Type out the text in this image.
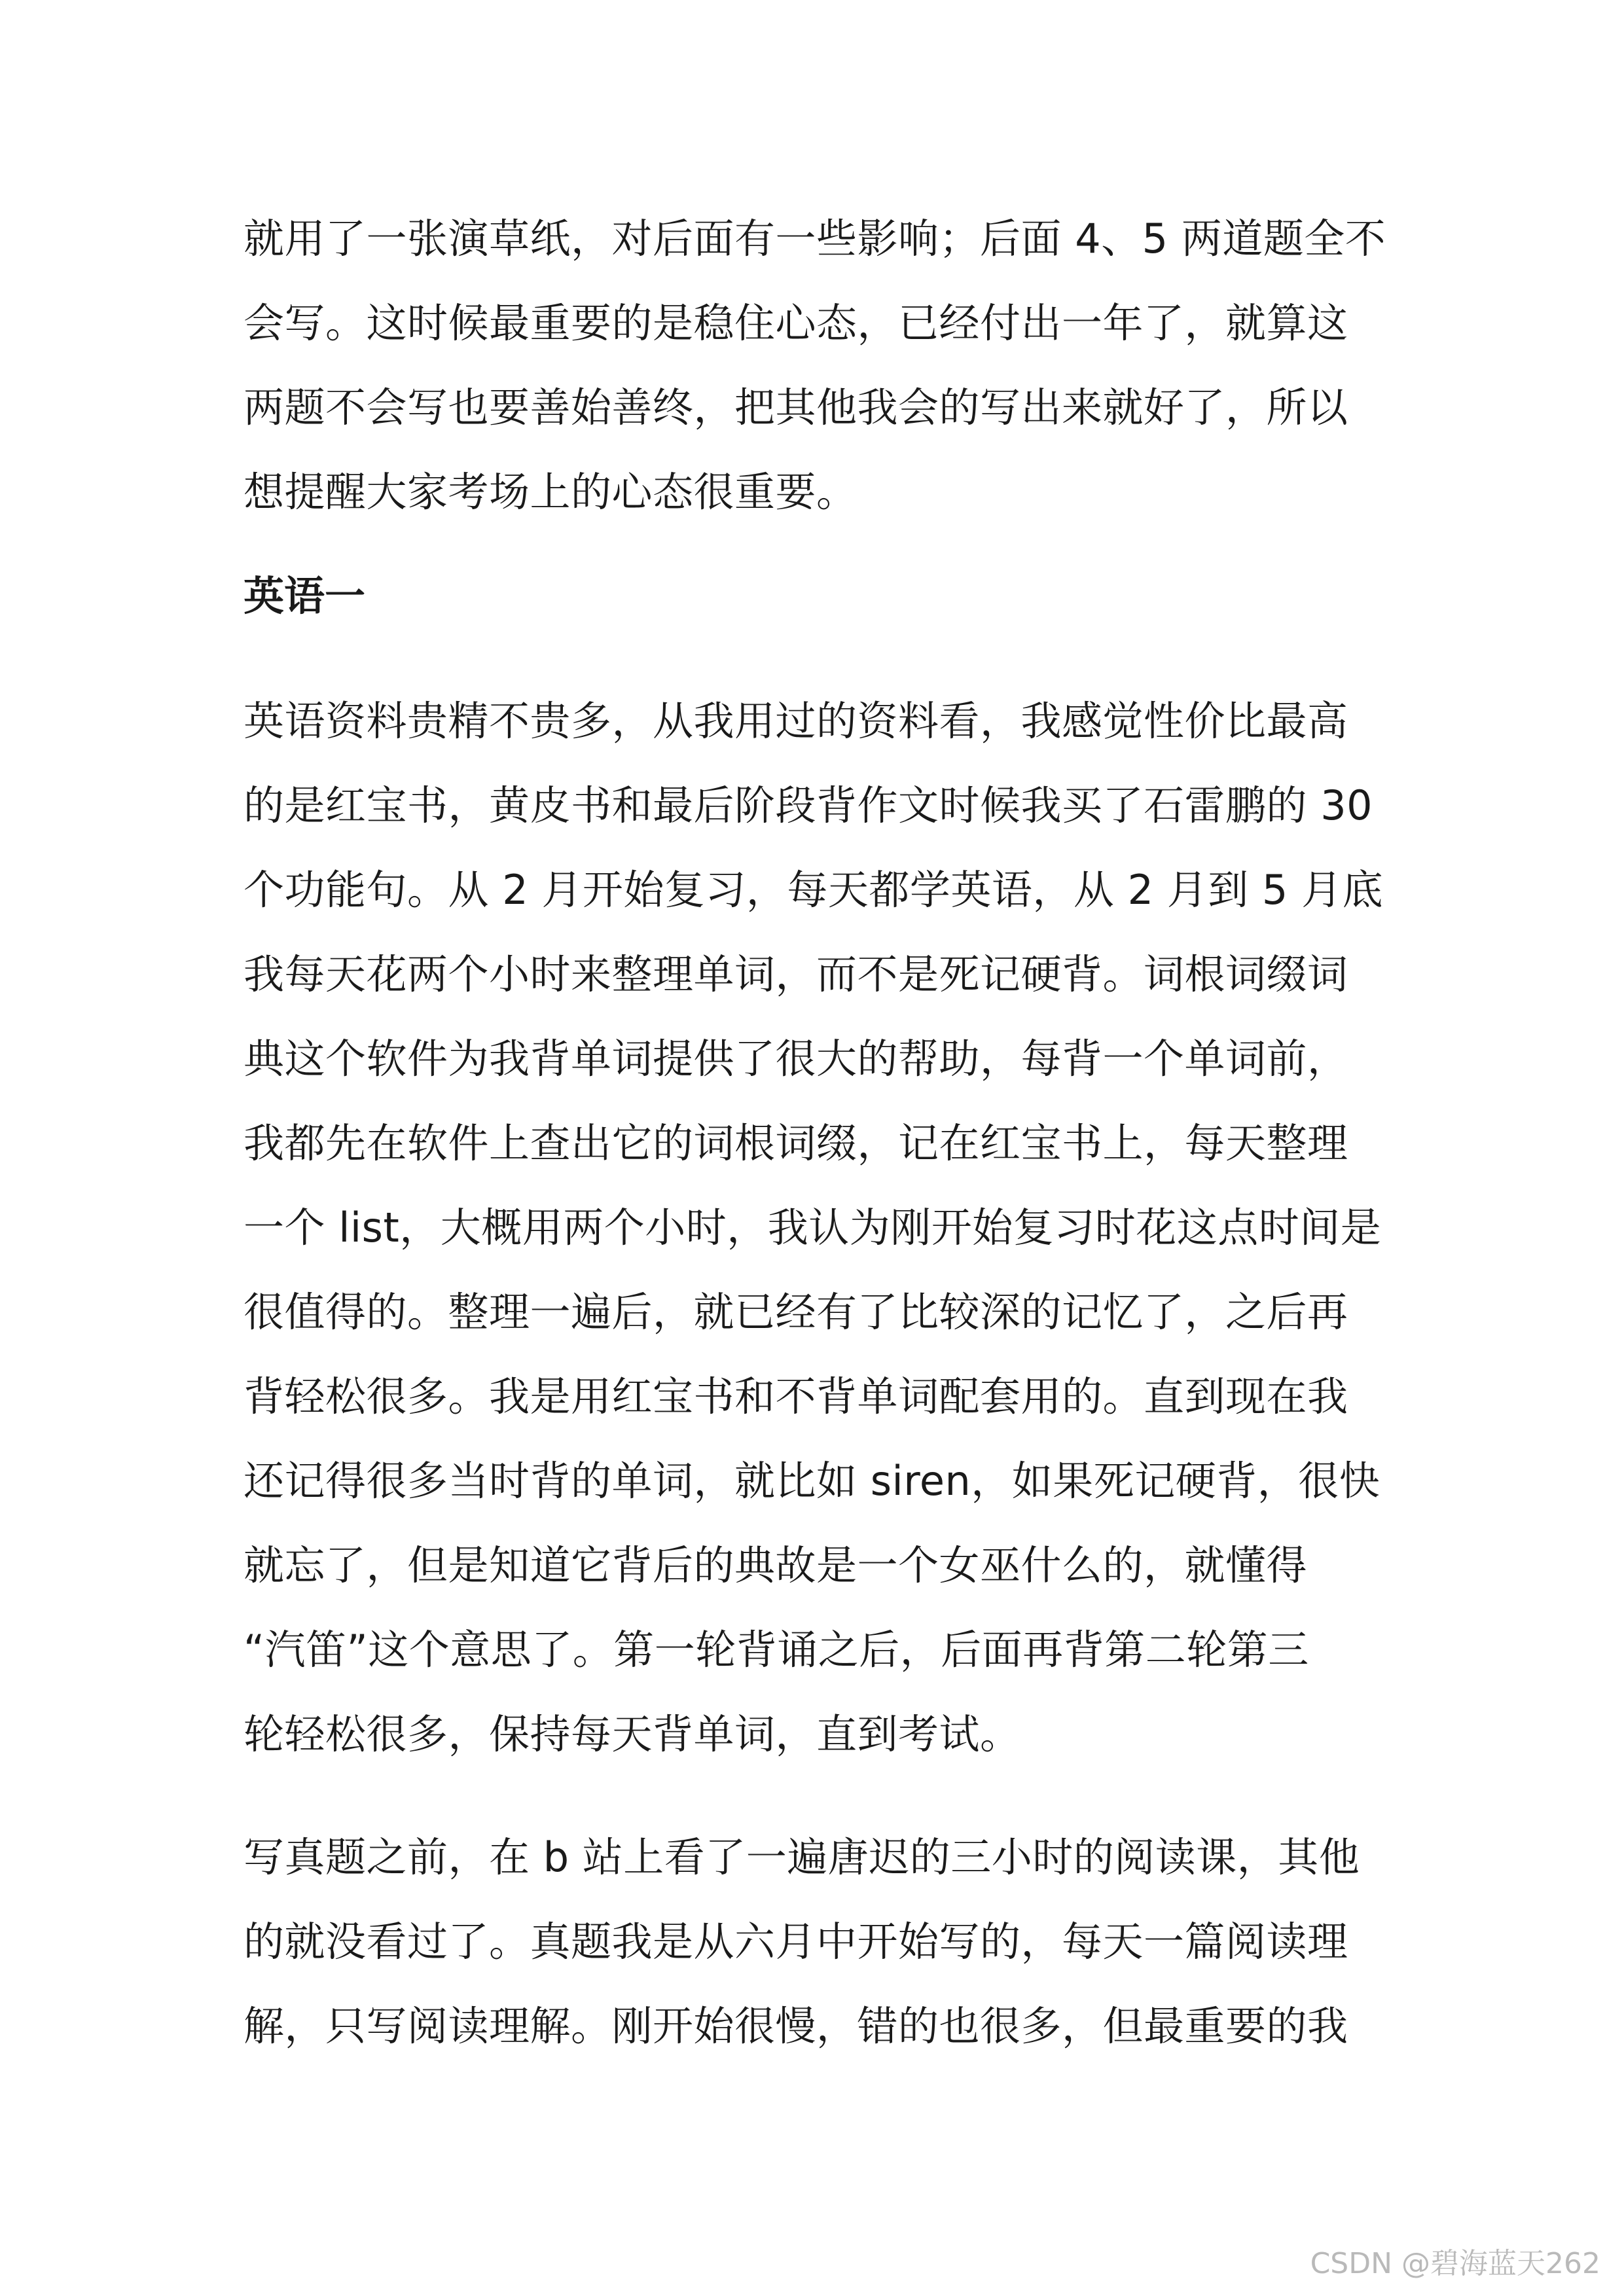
就用了一张演草纸，对后面有一些影响；后面 4、5 两道题全不
会写。这时候最重要的是稳住心态，已经付出一年了，就算这
两题不会写也要善始善终，把其他我会的写出来就好了，所以
想提醒大家考场上的心态很重要。

英语一

英语资料贵精不贵多，从我用过的资料看，我感觉性价比最高
的是红宝书，黄皮书和最后阶段背作文时候我买了石雷鹏的 30
个功能句。从 2 月开始复习，每天都学英语，从 2 月到 5 月底
我每天花两个小时来整理单词，而不是死记硬背。词根词缀词
典这个软件为我背单词提供了很大的帮助，每背一个单词前，
我都先在软件上查出它的词根词缀，记在红宝书上，每天整理
一个 list，大概用两个小时，我认为刚开始复习时花这点时间是
很值得的。整理一遍后，就已经有了比较深的记忆了，之后再
背轻松很多。我是用红宝书和不背单词配套用的。直到现在我
还记得很多当时背的单词，就比如 siren，如果死记硬背，很快
就忘了，但是知道它背后的典故是一个女巫什么的，就懂得
“汽笛”这个意思了。第一轮背诵之后，后面再背第二轮第三
轮轻松很多，保持每天背单词，直到考试。

写真题之前，在 b 站上看了一遍唐迟的三小时的阅读课，其他
的就没看过了。真题我是从六月中开始写的，每天一篇阅读理
解，只写阅读理解。刚开始很慢，错的也很多，但最重要的我

CSDN @碧海蓝天262
